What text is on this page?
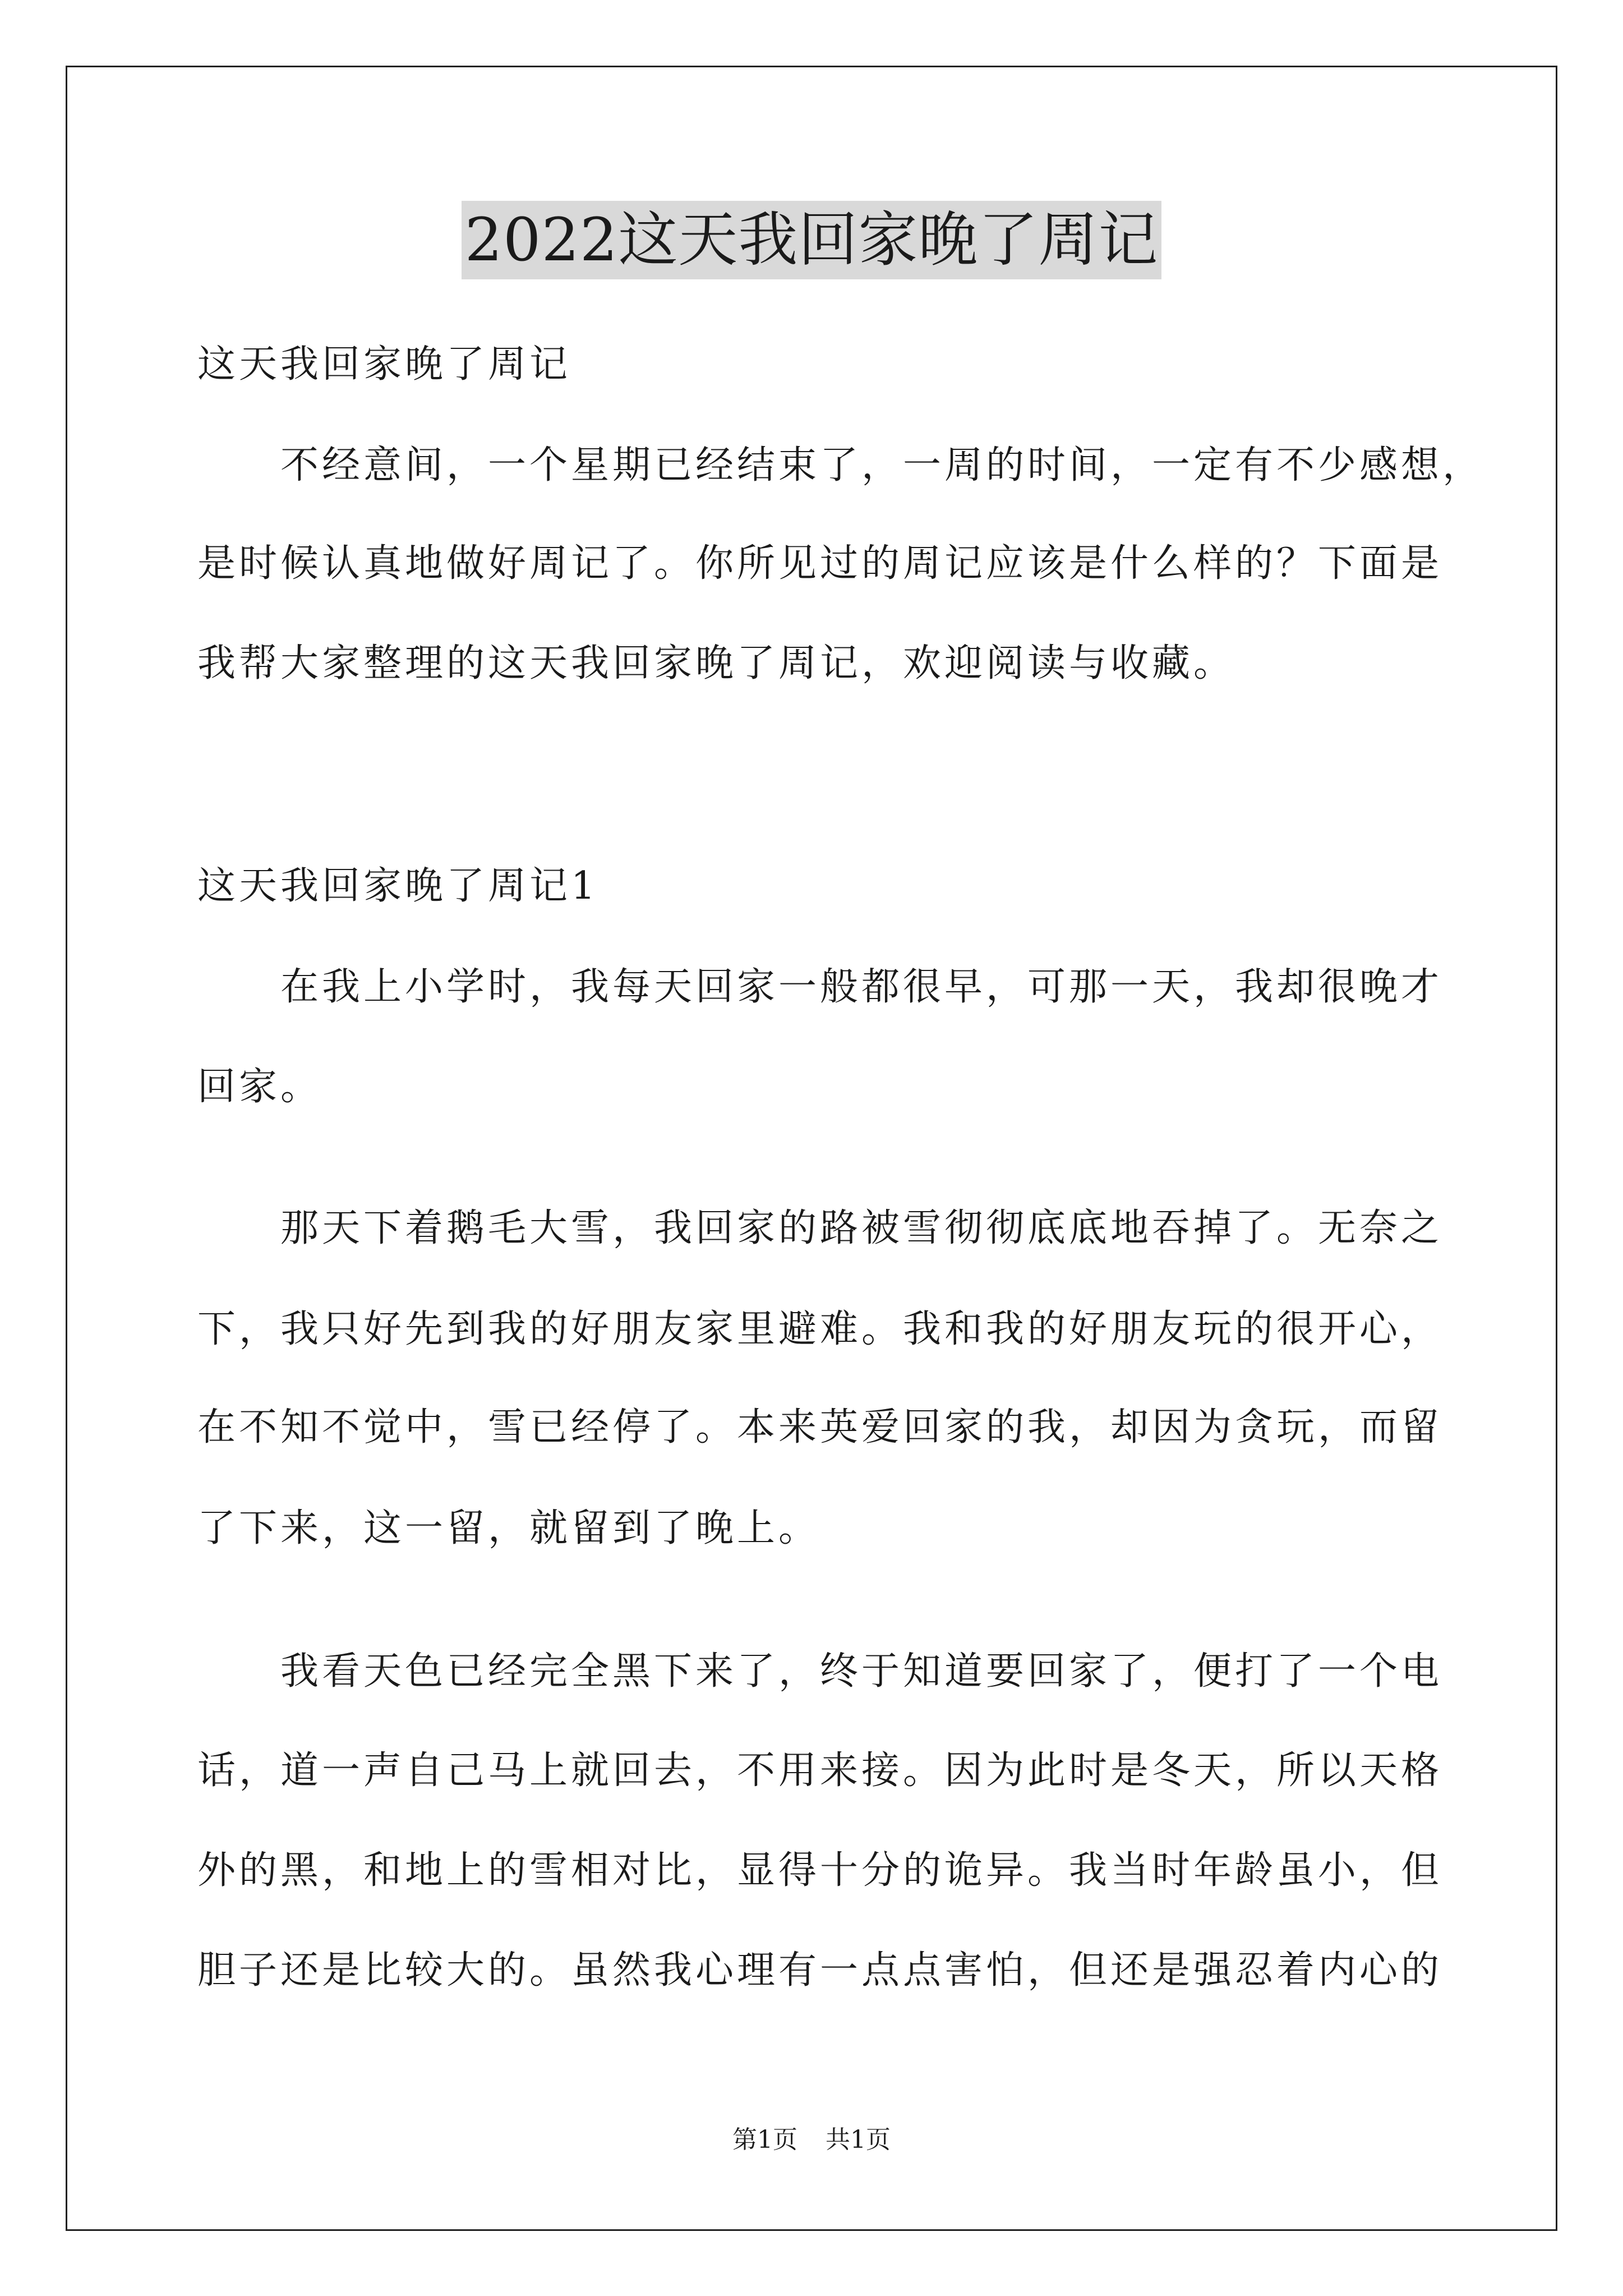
2022这天我回家晚了周记
这天我回家晚了周记
　　不经意间，一个星期已经结束了，一周的时间，一定有不少感想，
是时候认真地做好周记了。你所见过的周记应该是什么样的？下面是
我帮大家整理的这天我回家晚了周记，欢迎阅读与收藏。
这天我回家晚了周记1
　　在我上小学时，我每天回家一般都很早，可那一天，我却很晚才
回家。
　　那天下着鹅毛大雪，我回家的路被雪彻彻底底地吞掉了。无奈之
下，我只好先到我的好朋友家里避难。我和我的好朋友玩的很开心，
在不知不觉中，雪已经停了。本来英爱回家的我，却因为贪玩，而留
了下来，这一留，就留到了晚上。
　　我看天色已经完全黑下来了，终于知道要回家了，便打了一个电
话，道一声自己马上就回去，不用来接。因为此时是冬天，所以天格
外的黑，和地上的雪相对比，显得十分的诡异。我当时年龄虽小，但
胆子还是比较大的。虽然我心理有一点点害怕，但还是强忍着内心的
第1页 共1页
